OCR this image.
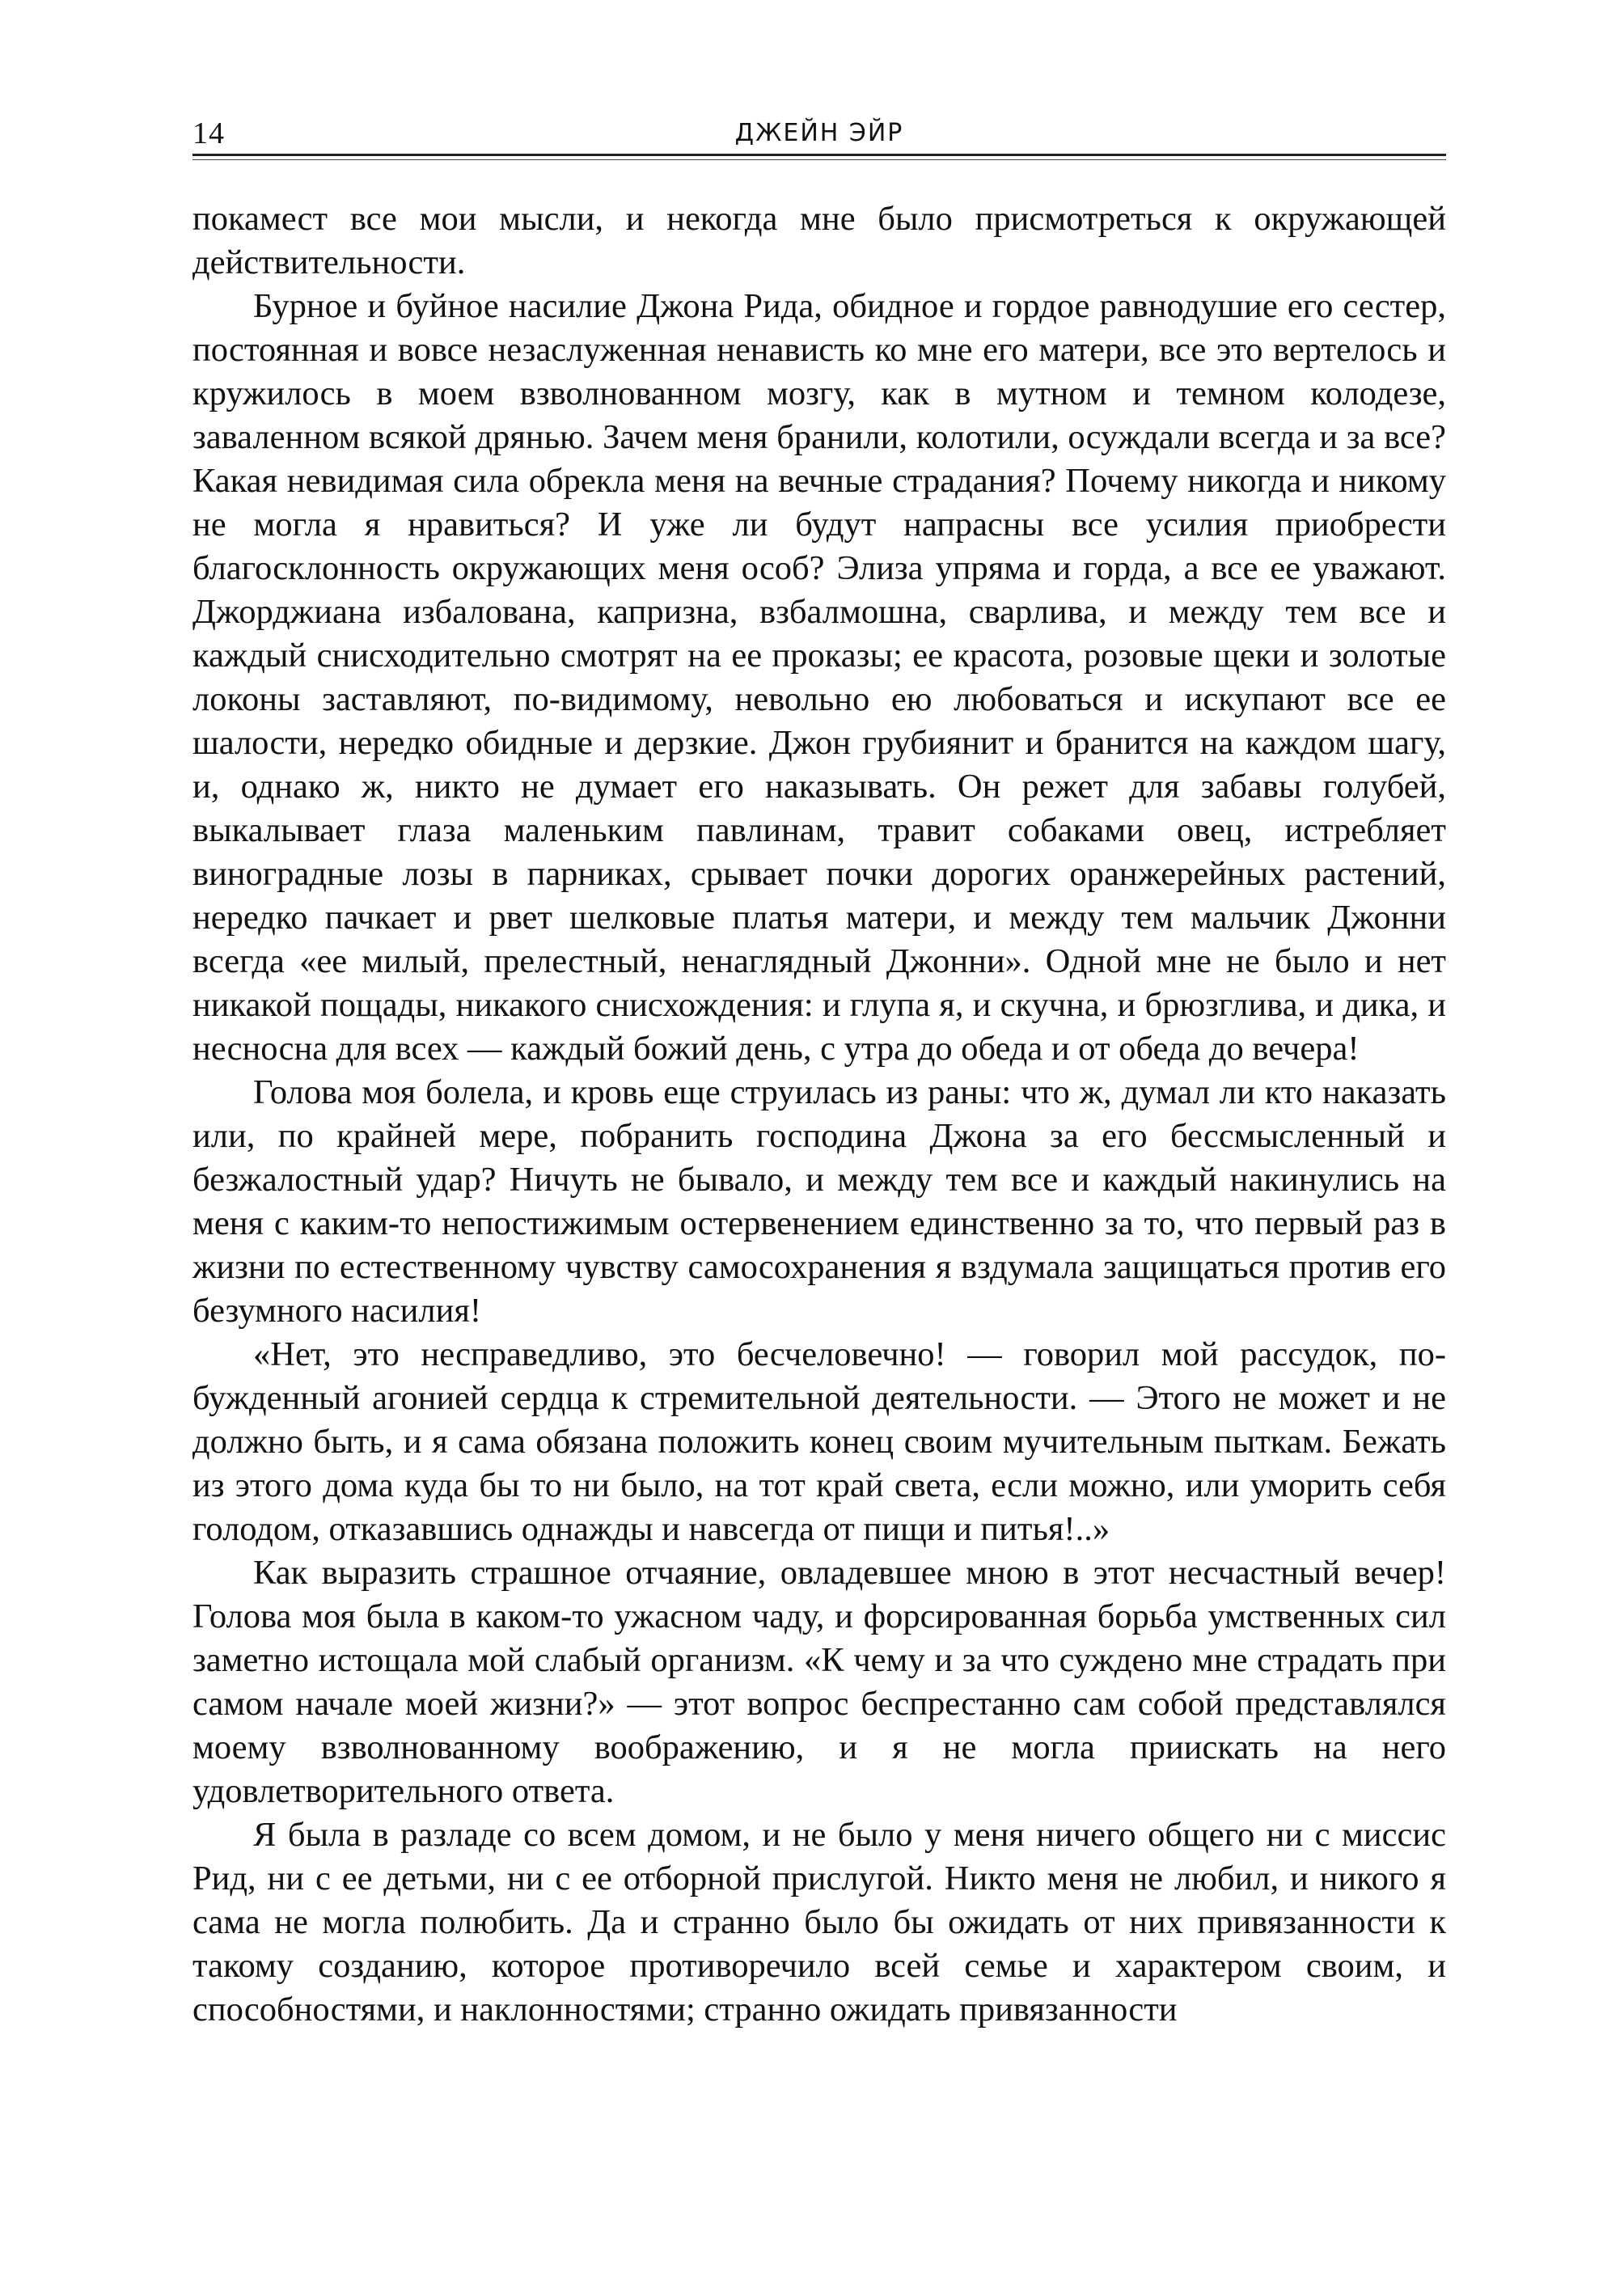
14	ДЖЕЙН ЭЙР

покамест все мои мысли, и некогда мне было присмотреться к окружающей действительности.

Бурное и буйное насилие Джона Рида, обидное и гордое равнодушие его сестер, постоянная и вовсе незаслуженная ненависть ко мне его матери, все это вертелось и кружилось в моем взволнованном мозгу, как в мутном и темном колодезе, заваленном всякой дрянью. Зачем меня бранили, колотили, осуждали всегда и за все? Какая невидимая сила обрекла меня на вечные страдания? Почему никогда и никому не могла я нравиться? И уже ли будут напрасны все усилия приобрести благосклонность окружающих меня особ? Элиза упряма и горда, а все ее уважают. Джорджиана избалована, капризна, взбалмошна, сварлива, и между тем все и каждый снисходительно смотрят на ее проказы; ее красота, розовые щеки и золотые локоны заставляют, по-видимому, невольно ею любоваться и искупают все ее шалости, нередко обидные и дерзкие. Джон грубиянит и бранится на каждом шагу, и, однако ж, никто не думает его наказывать. Он режет для забавы голубей, выкалывает глаза маленьким павлинам, травит собаками овец, истребляет виноградные лозы в парниках, срывает почки дорогих оранжерейных растений, нередко пачкает и рвет шелковые платья матери, и между тем мальчик Джонни всегда «ее милый, прелестный, ненаглядный Джонни». Одной мне не было и нет никакой пощады, никакого снисхождения: и глупа я, и скучна, и брюзглива, и дика, и несносна для всех — каждый божий день, с утра до обеда и от обеда до вечера!

Голова моя болела, и кровь еще струилась из раны: что ж, думал ли кто наказать или, по крайней мере, побранить господина Джона за его бессмысленный и безжалостный удар? Ничуть не бывало, и между тем все и каждый накинулись на меня с каким-то непостижимым остервенением единственно за то, что первый раз в жизни по естественному чувству самосохранения я вздумала защищаться против его безумного насилия!

«Нет, это несправедливо, это бесчеловечно! — говорил мой рассудок, побужденный агонией сердца к стремительной деятельности. — Этого не может и не должно быть, и я сама обязана положить конец своим мучительным пыткам. Бежать из этого дома куда бы то ни было, на тот край света, если можно, или уморить себя голодом, отказавшись однажды и навсегда от пищи и питья!..»

Как выразить страшное отчаяние, овладевшее мною в этот несчастный вечер! Голова моя была в каком-то ужасном чаду, и форсированная борьба умственных сил заметно истощала мой слабый организм. «К чему и за что суждено мне страдать при самом начале моей жизни?» — этот вопрос беспрестанно сам собой представлялся моему взволнованному воображению, и я не могла приискать на него удовлетворительного ответа.

Я была в разладе со всем домом, и не было у меня ничего общего ни с миссис Рид, ни с ее детьми, ни с ее отборной прислугой. Никто меня не любил, и никого я сама не могла полюбить. Да и странно было бы ожидать от них привязанности к такому созданию, которое противоречило всей семье и характером своим, и способностями, и наклонностями; странно ожидать привязанности
